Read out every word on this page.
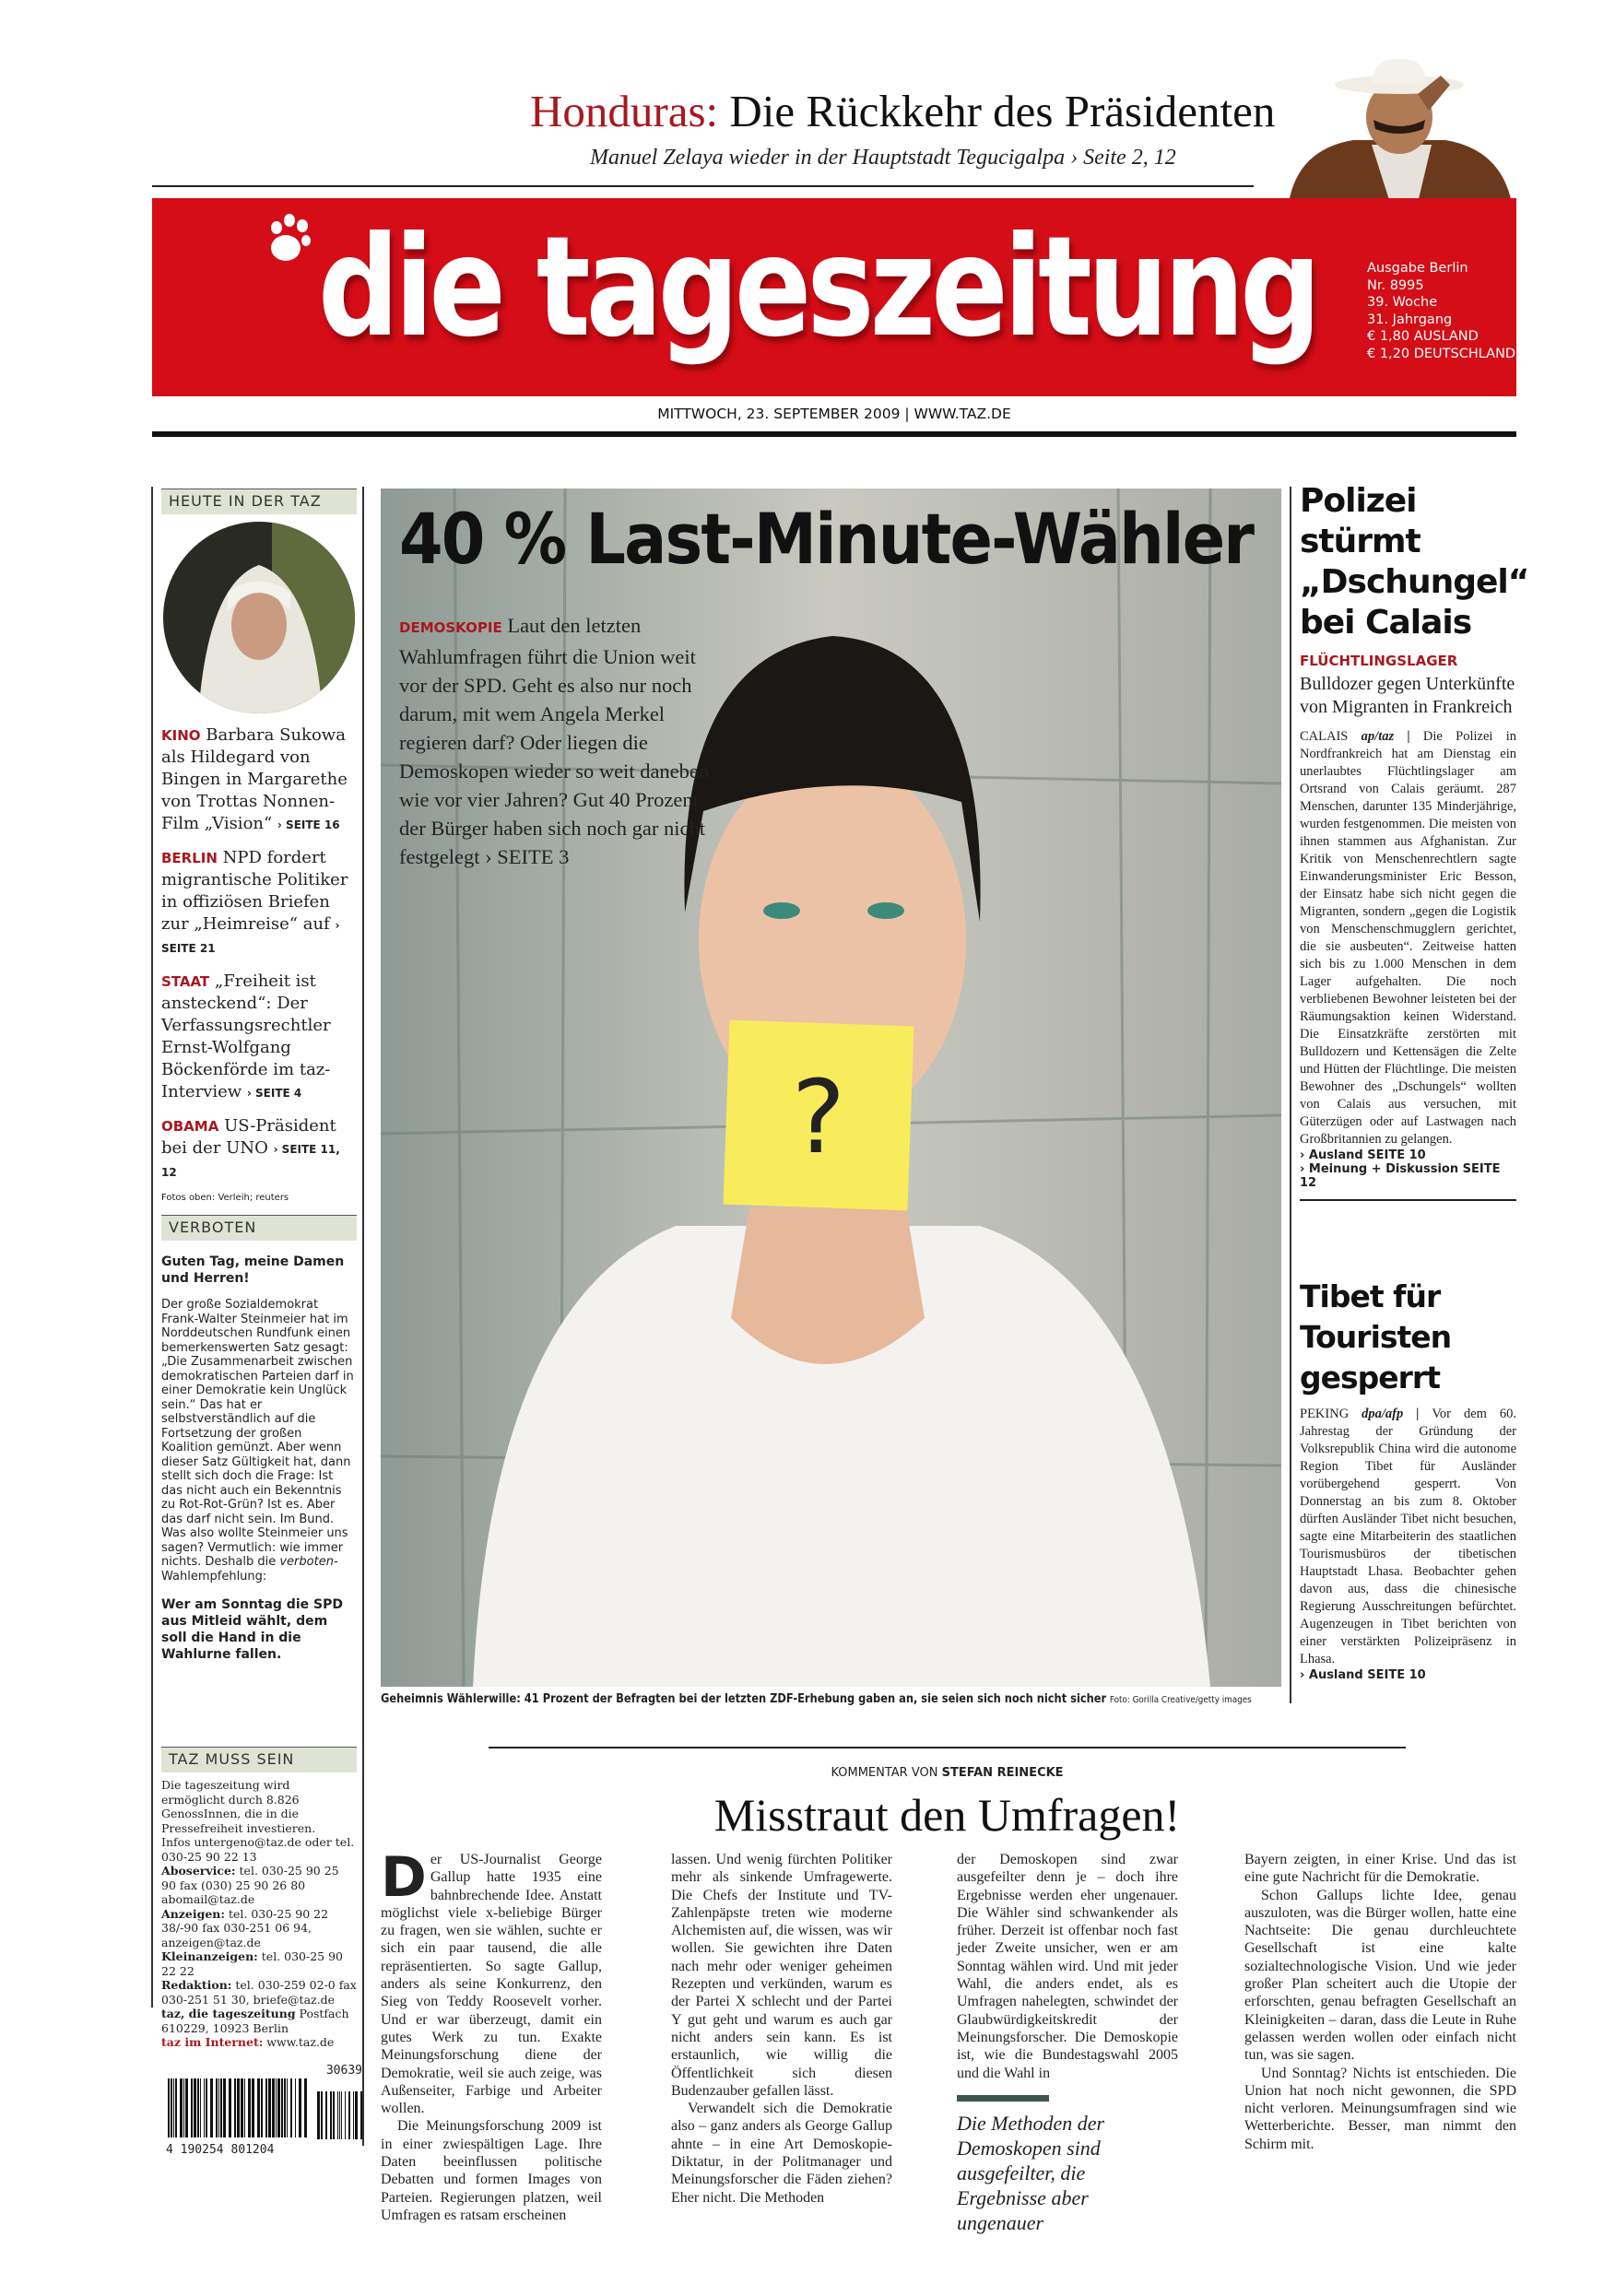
Honduras: Die Rückkehr des Präsidenten
Manuel Zelaya wieder in der Hauptstadt Tegucigalpa › Seite 2, 12
die tageszeitung	Ausgabe Berlin
Nr. 8995
39. Woche
31. Jahrgang
€ 1,80 AUSLAND
€ 1,20 DEUTSCHLAND
MITTWOCH, 23. SEPTEMBER 2009 | WWW.TAZ.DE
HEUTE IN DER TAZ

KINO Barbara Sukowa als Hildegard von Bingen in Margarethe von Trottas Nonnen-Film „Vision“ › SEITE 16

BERLIN NPD fordert migrantische Politiker in offiziösen Briefen zur „Heimreise“ auf › SEITE 21

STAAT „Freiheit ist ansteckend“: Der Verfassungsrechtler Ernst-Wolfgang Böckenförde im taz-Interview › SEITE 4

OBAMA US-Präsident bei der UNO › SEITE 11, 12

Fotos oben: Verleih; reuters

VERBOTEN

Guten Tag, meine Damen und Herren!

Der große Sozialdemokrat Frank-Walter Steinmeier hat im Norddeutschen Rundfunk einen bemerkenswerten Satz gesagt: „Die Zusammenarbeit zwischen demokratischen Parteien darf in einer Demokratie kein Unglück sein.“ Das hat er selbstverständlich auf die Fortsetzung der großen Koalition gemünzt. Aber wenn dieser Satz Gültigkeit hat, dann stellt sich doch die Frage: Ist das nicht auch ein Bekenntnis zu Rot-Rot-Grün? Ist es. Aber das darf nicht sein. Im Bund. Was also wollte Steinmeier uns sagen? Vermutlich: wie immer nichts. Deshalb die verboten-Wahlempfehlung:

Wer am Sonntag die SPD aus Mitleid wählt, dem soll die Hand in die Wahlurne fallen.

TAZ MUSS SEIN

Die tageszeitung wird ermöglicht durch 8.826 GenossInnen, die in die Pressefreiheit investieren.

Infos untergeno@taz.de oder tel. 030-25 90 22 13

Aboservice: tel. 030-25 90 25 90 fax (030) 25 90 26 80 abomail@taz.de

Anzeigen: tel. 030-25 90 22 38/-90 fax 030-251 06 94, anzeigen@taz.de

Kleinanzeigen: tel. 030-25 90 22 22

Redaktion: tel. 030-259 02-0 fax 030-251 51 30, briefe@taz.de

taz, die tageszeitung Postfach 610229, 10923 Berlin

taz im Internet: www.taz.de

4 190254 801204
30639
?
40 % Last-Minute-Wähler

DEMOSKOPIE Laut den letzten Wahlumfragen führt die Union weit vor der SPD. Geht es also nur noch darum, mit wem Angela Merkel regieren darf? Oder liegen die Demoskopen wieder so weit daneben wie vor vier Jahren? Gut 40 Prozent der Bürger haben sich noch gar nicht festgelegt › SEITE 3

Geheimnis Wählerwille: 41 Prozent der Befragten bei der letzten ZDF-Erhebung gaben an, sie seien sich noch nicht sicher Foto: Gorilla Creative/getty images
Polizei stürmt „Dschungel“ bei Calais

FLÜCHTLINGSLAGER Bulldozer gegen Unterkünfte von Migranten in Frankreich

CALAIS ap/taz | Die Polizei in Nordfrankreich hat am Dienstag ein unerlaubtes Flüchtlingslager am Ortsrand von Calais geräumt. 287 Menschen, darunter 135 Minderjährige, wurden festgenommen. Die meisten von ihnen stammen aus Afghanistan. Zur Kritik von Menschenrechtlern sagte Einwanderungsminister Eric Besson, der Einsatz habe sich nicht gegen die Migranten, sondern „gegen die Logistik von Menschenschmugglern gerichtet, die sie ausbeuten“. Zeitweise hatten sich bis zu 1.000 Menschen in dem Lager aufgehalten. Die noch verbliebenen Bewohner leisteten bei der Räumungsaktion keinen Widerstand. Die Einsatzkräfte zerstörten mit Bulldozern und Kettensägen die Zelte und Hütten der Flüchtlinge. Die meisten Bewohner des „Dschungels“ wollten von Calais aus versuchen, mit Güterzügen oder auf Lastwagen nach Großbritannien zu gelangen.

› Ausland SEITE 10

› Meinung + Diskussion SEITE 12

Tibet für Touristen gesperrt

PEKING dpa/afp | Vor dem 60. Jahrestag der Gründung der Volksrepublik China wird die autonome Region Tibet für Ausländer vorübergehend gesperrt. Von Donnerstag an bis zum 8. Oktober dürften Ausländer Tibet nicht besuchen, sagte eine Mitarbeiterin des staatlichen Tourismusbüros der tibetischen Hauptstadt Lhasa. Beobachter gehen davon aus, dass die chinesische Regierung Ausschreitungen befürchtet. Augenzeugen in Tibet berichten von einer verstärkten Polizeipräsenz in Lhasa.

› Ausland SEITE 10

KOMMENTAR VON STEFAN REINECKE
Misstraut den Umfragen!

Der US-Journalist George Gallup hatte 1935 eine bahnbrechende Idee. Anstatt möglichst viele x-beliebige Bürger zu fragen, wen sie wählen, suchte er sich ein paar tausend, die alle repräsentierten. So sagte Gallup, anders als seine Konkurrenz, den Sieg von Teddy Roosevelt vorher. Und er war überzeugt, damit ein gutes Werk zu tun. Exakte Meinungsforschung diene der Demokratie, weil sie auch zeige, was Außenseiter, Farbige und Arbeiter wollen.

Die Meinungsforschung 2009 ist in einer zwiespältigen Lage. Ihre Daten beeinflussen politische Debatten und formen Images von Parteien. Regierungen platzen, weil Umfragen es ratsam erscheinen

lassen. Und wenig fürchten Politiker mehr als sinkende Umfragewerte. Die Chefs der Institute und TV-Zahlenpäpste treten wie moderne Alchemisten auf, die wissen, was wir wollen. Sie gewichten ihre Daten nach mehr oder weniger geheimen Rezepten und verkünden, warum es der Partei X schlecht und der Partei Y gut geht und warum es auch gar nicht anders sein kann. Es ist erstaunlich, wie willig die Öffentlichkeit sich diesen Budenzauber gefallen lässt.

Verwandelt sich die Demokratie also – ganz anders als George Gallup ahnte – in eine Art Demoskopie-Diktatur, in der Politmanager und Meinungsforscher die Fäden ziehen? Eher nicht. Die Methoden

der Demoskopen sind zwar ausgefeilter denn je – doch ihre Ergebnisse werden eher ungenauer. Die Wähler sind schwankender als früher. Derzeit ist offenbar noch fast jeder Zweite unsicher, wen er am Sonntag wählen wird. Und mit jeder Wahl, die anders endet, als es Umfragen nahelegten, schwindet der Glaubwürdigkeitskredit der Meinungsforscher. Die Demoskopie ist, wie die Bundestagswahl 2005 und die Wahl in

Die Methoden der Demoskopen sind ausgefeilter, die Ergebnisse aber ungenauer

Bayern zeigten, in einer Krise. Und das ist eine gute Nachricht für die Demokratie.

Schon Gallups lichte Idee, genau auszuloten, was die Bürger wollen, hatte eine Nachtseite: Die genau durchleuchtete Gesellschaft ist eine kalte sozialtechnologische Vision. Und wie jeder großer Plan scheitert auch die Utopie der erforschten, genau befragten Gesellschaft an Kleinigkeiten – daran, dass die Leute in Ruhe gelassen werden wollen oder einfach nicht tun, was sie sagen.

Und Sonntag? Nichts ist entschieden. Die Union hat noch nicht gewonnen, die SPD nicht verloren. Meinungsumfragen sind wie Wetterberichte. Besser, man nimmt den Schirm mit.
